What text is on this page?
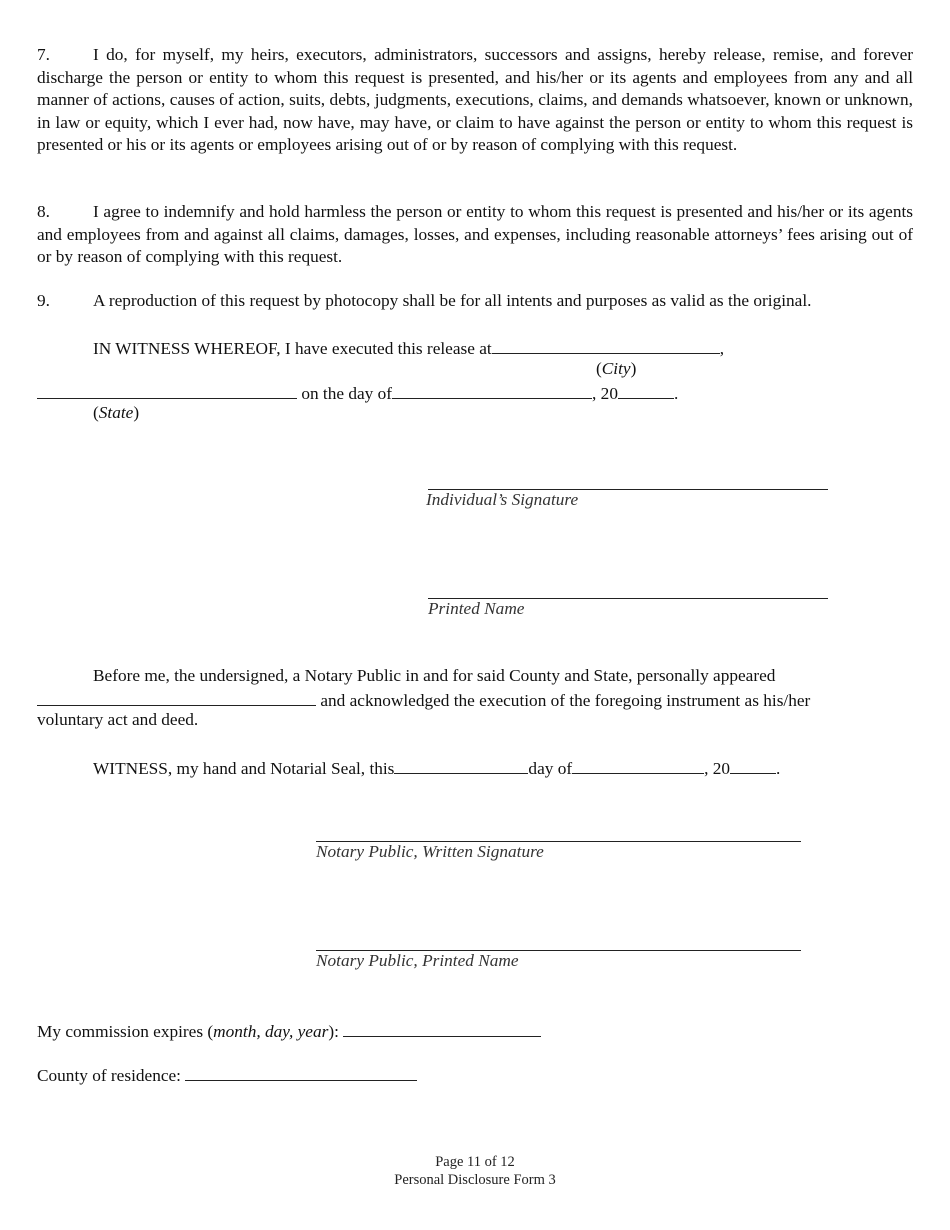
7. I do, for myself, my heirs, executors, administrators, successors and assigns, hereby release, remise, and forever discharge the person or entity to whom this request is presented, and his/her or its agents and employees from any and all manner of actions, causes of action, suits, debts, judgments, executions, claims, and demands whatsoever, known or unknown, in law or equity, which I ever had, now have, may have, or claim to have against the person or entity to whom this request is presented or his or its agents or employees arising out of or by reason of complying with this request.

8. I agree to indemnify and hold harmless the person or entity to whom this request is presented and his/her or its agents and employees from and against all claims, damages, losses, and expenses, including reasonable attorneys’ fees arising out of or by reason of complying with this request.

9. A reproduction of this request by photocopy shall be for all intents and purposes as valid as the original.

IN WITNESS WHEREOF, I have executed this release at	,
(City)
on the day of	, 20	.
(State)
Individual’s Signature
Printed Name
Before me, the undersigned, a Notary Public in and for said County and State, personally appeared
and acknowledged the execution of the foregoing instrument as his/her
voluntary act and deed.
WITNESS, my hand and Notarial Seal, this	day of	, 20	.
Notary Public, Written Signature
Notary Public, Printed Name
My commission expires (month, day, year):
County of residence:
Page 11 of 12
Personal Disclosure Form 3
